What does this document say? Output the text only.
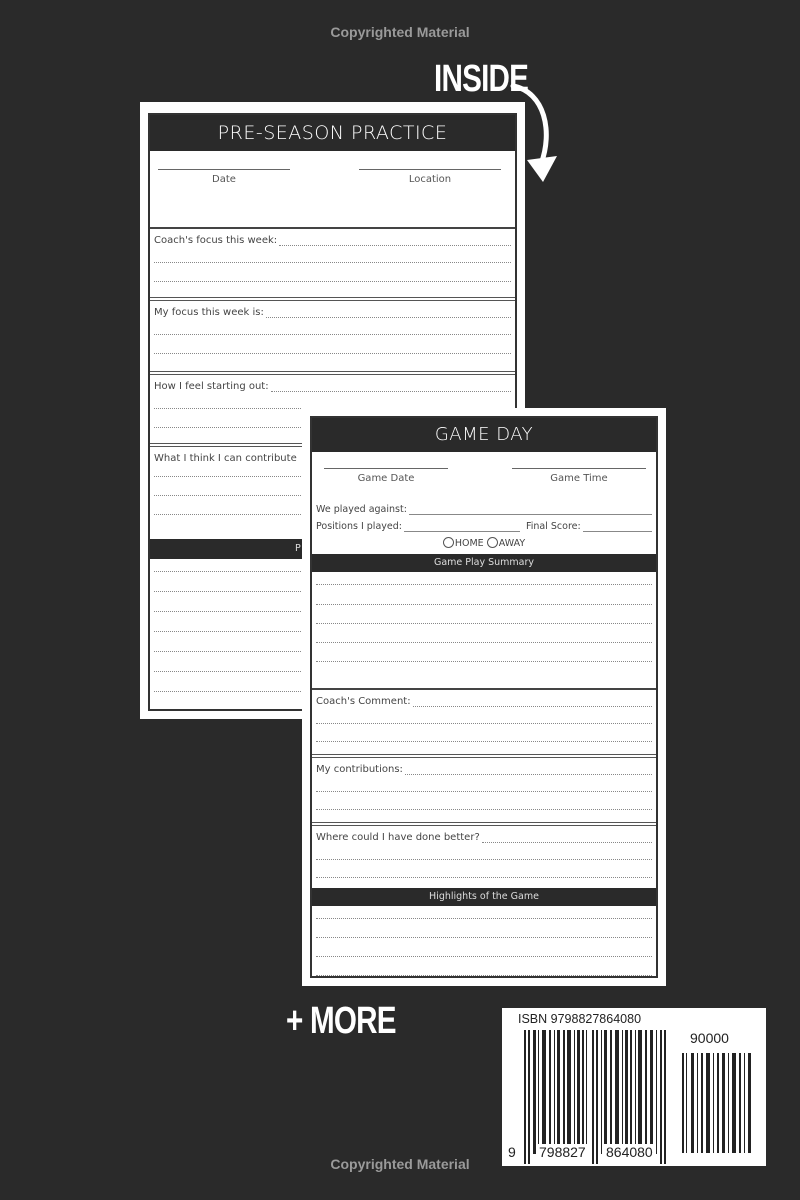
Copyrighted Material
INSIDE
PRE-SEASON PRACTICE
Date	Location
Coach's focus this week:
My focus this week is:
How I feel starting out:
What I think I can contribute
P
GAME DAY
Game Date	Game Time
We played against:
Positions I played:	Final Score:
HOME AWAY
Game Play Summary
Coach's Comment:
My contributions:
Where could I have done better?
Highlights of the Game
+ MORE	ISBN 9798827864080
90000
9 798827 864080
Copyrighted Material
